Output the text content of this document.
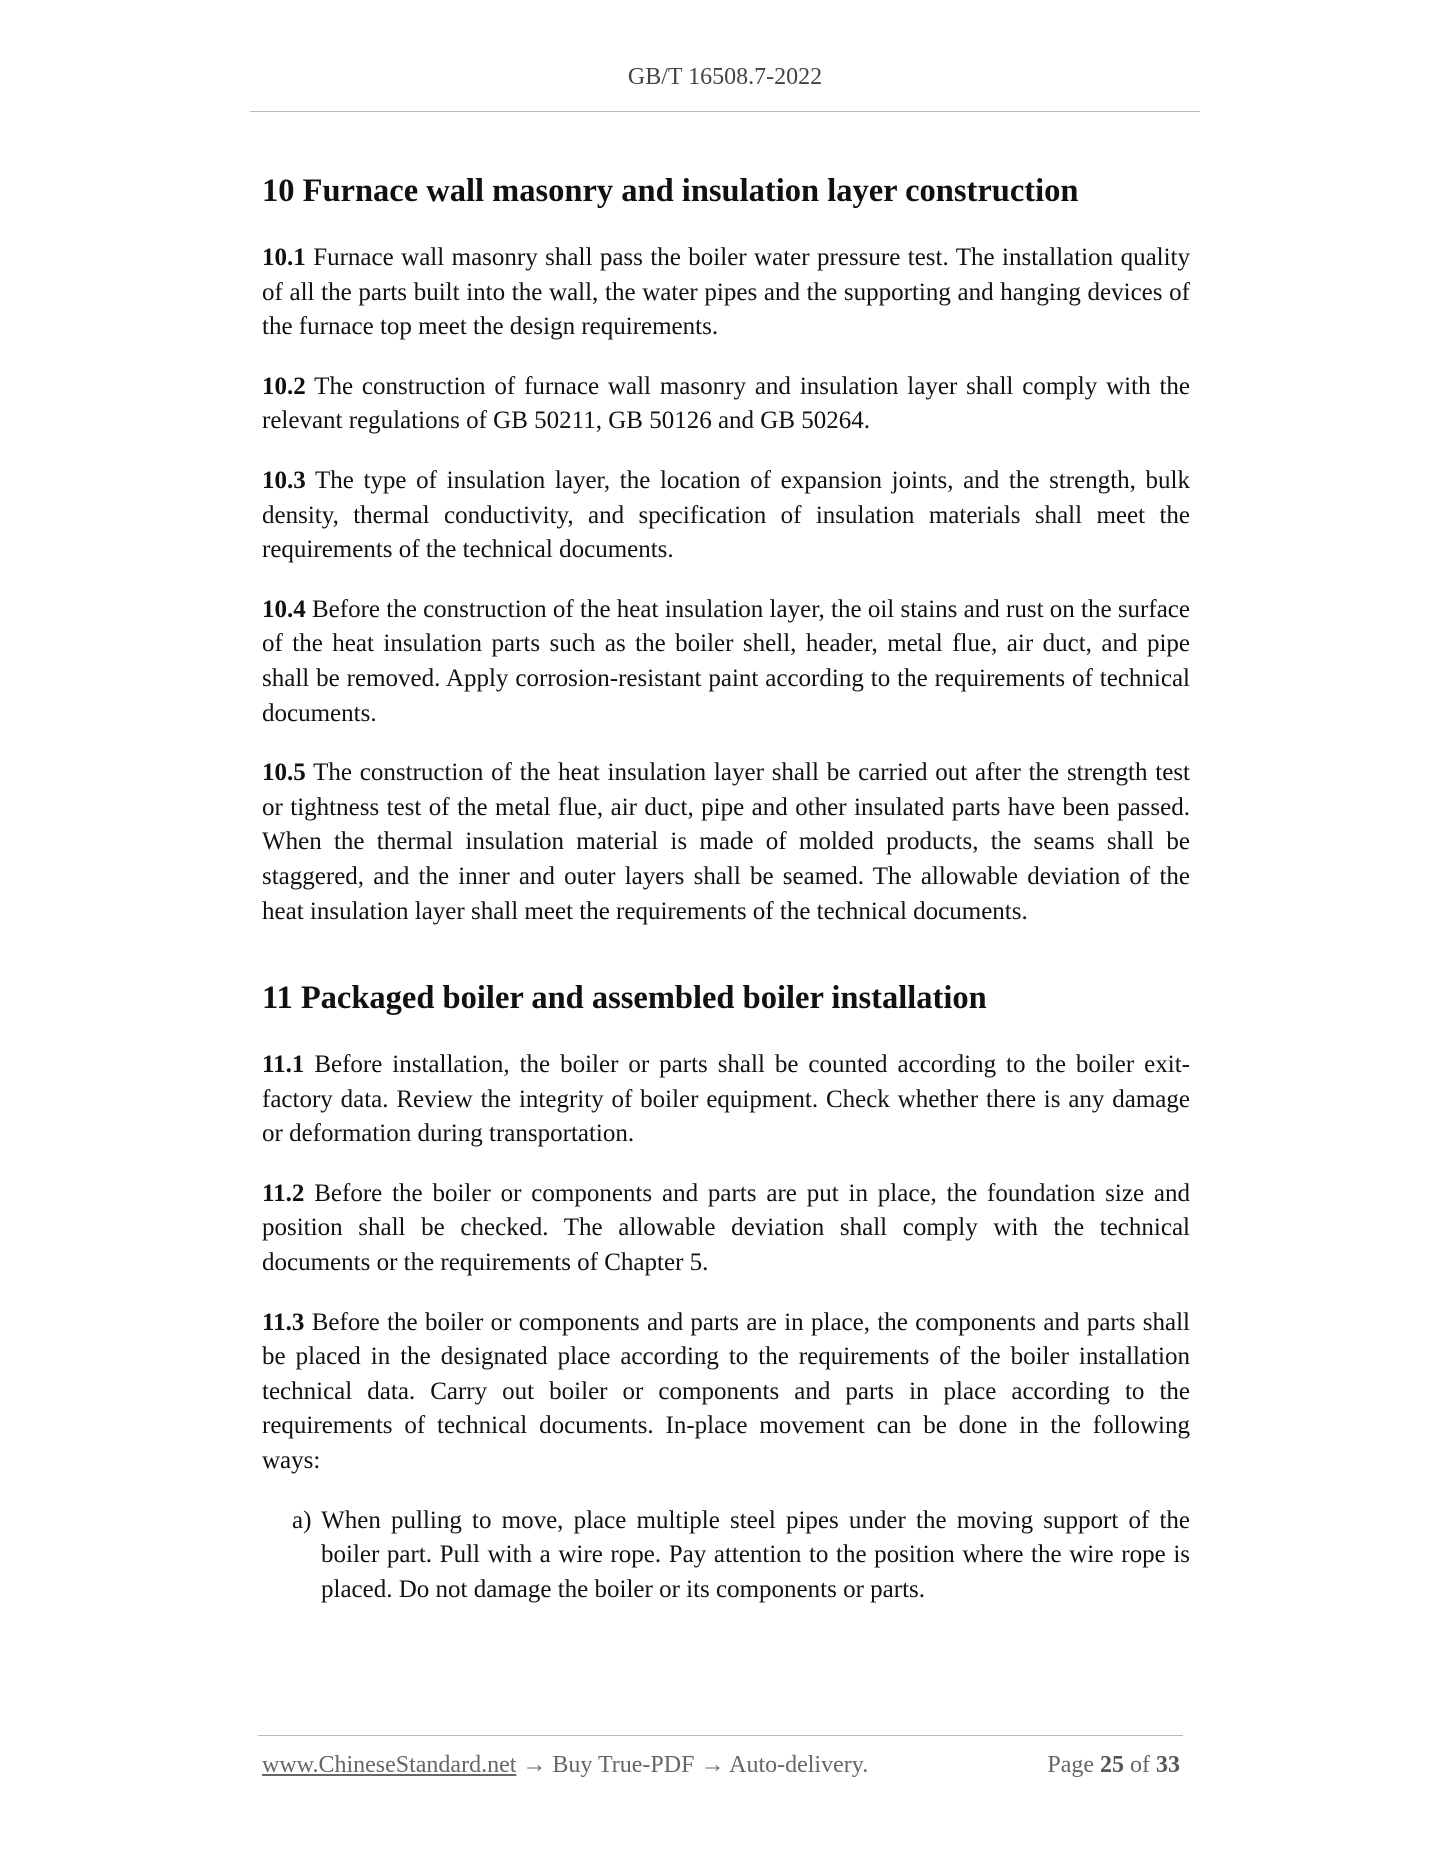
GB/T 16508.7-2022
10 Furnace wall masonry and insulation layer construction

10.1 Furnace wall masonry shall pass the boiler water pressure test. The installation quality of all the parts built into the wall, the water pipes and the supporting and hanging devices of the furnace top meet the design requirements.

10.2 The construction of furnace wall masonry and insulation layer shall comply with the relevant regulations of GB 50211, GB 50126 and GB 50264.

10.3 The type of insulation layer, the location of expansion joints, and the strength, bulk density, thermal conductivity, and specification of insulation materials shall meet the requirements of the technical documents.

10.4 Before the construction of the heat insulation layer, the oil stains and rust on the surface of the heat insulation parts such as the boiler shell, header, metal flue, air duct, and pipe shall be removed. Apply corrosion-resistant paint according to the requirements of technical documents.

10.5 The construction of the heat insulation layer shall be carried out after the strength test or tightness test of the metal flue, air duct, pipe and other insulated parts have been passed. When the thermal insulation material is made of molded products, the seams shall be staggered, and the inner and outer layers shall be seamed. The allowable deviation of the heat insulation layer shall meet the requirements of the technical documents.

11 Packaged boiler and assembled boiler installation

11.1 Before installation, the boiler or parts shall be counted according to the boiler exit-factory data. Review the integrity of boiler equipment. Check whether there is any damage or deformation during transportation.

11.2 Before the boiler or components and parts are put in place, the foundation size and position shall be checked. The allowable deviation shall comply with the technical documents or the requirements of Chapter 5.

11.3 Before the boiler or components and parts are in place, the components and parts shall be placed in the designated place according to the requirements of the boiler installation technical data. Carry out boiler or components and parts in place according to the requirements of technical documents. In-place movement can be done in the following ways:

a) When pulling to move, place multiple steel pipes under the moving support of the boiler part. Pull with a wire rope. Pay attention to the position where the wire rope is placed. Do not damage the boiler or its components or parts.
www.ChineseStandard.net → Buy True-PDF → Auto-delivery.	Page 25 of 33
